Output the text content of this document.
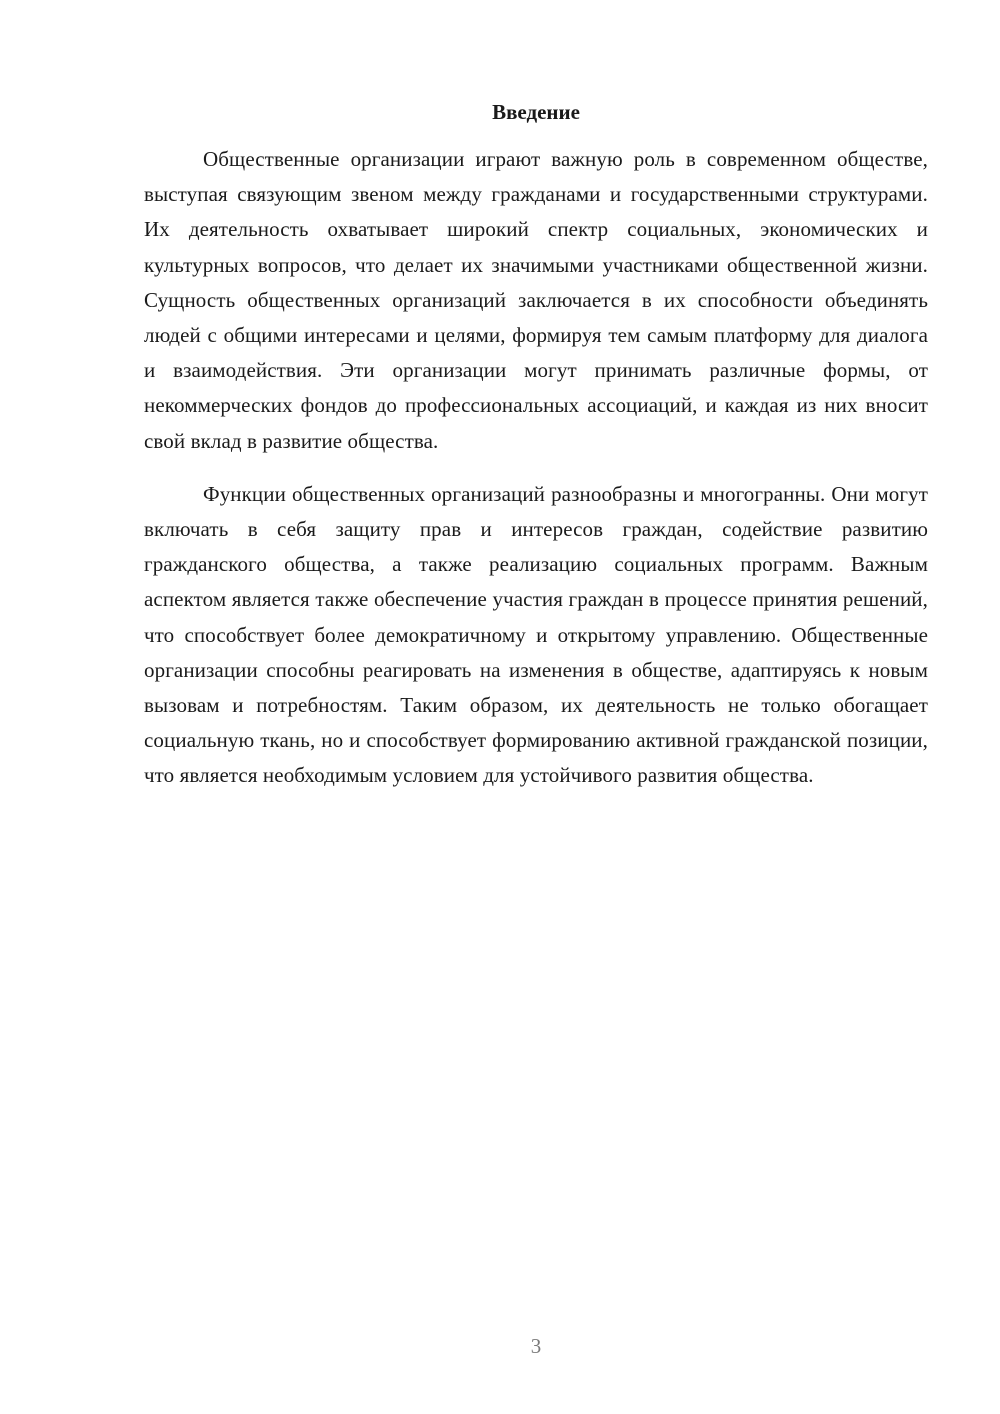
Введение

Общественные организации играют важную роль в современном обществе, выступая связующим звеном между гражданами и государственными структурами. Их деятельность охватывает широкий спектр социальных, экономических и культурных вопросов, что делает их значимыми участниками общественной жизни. Сущность общественных организаций заключается в их способности объединять людей с общими интересами и целями, формируя тем самым платформу для диалога и взаимодействия. Эти организации могут принимать различные формы, от некоммерческих фондов до профессиональных ассоциаций, и каждая из них вносит свой вклад в развитие общества.

Функции общественных организаций разнообразны и многогранны. Они могут включать в себя защиту прав и интересов граждан, содействие развитию гражданского общества, а также реализацию социальных программ. Важным аспектом является также обеспечение участия граждан в процессе принятия решений, что способствует более демократичному и открытому управлению. Общественные организации способны реагировать на изменения в обществе, адаптируясь к новым вызовам и потребностям. Таким образом, их деятельность не только обогащает социальную ткань, но и способствует формированию активной гражданской позиции, что является необходимым условием для устойчивого развития общества.

3
